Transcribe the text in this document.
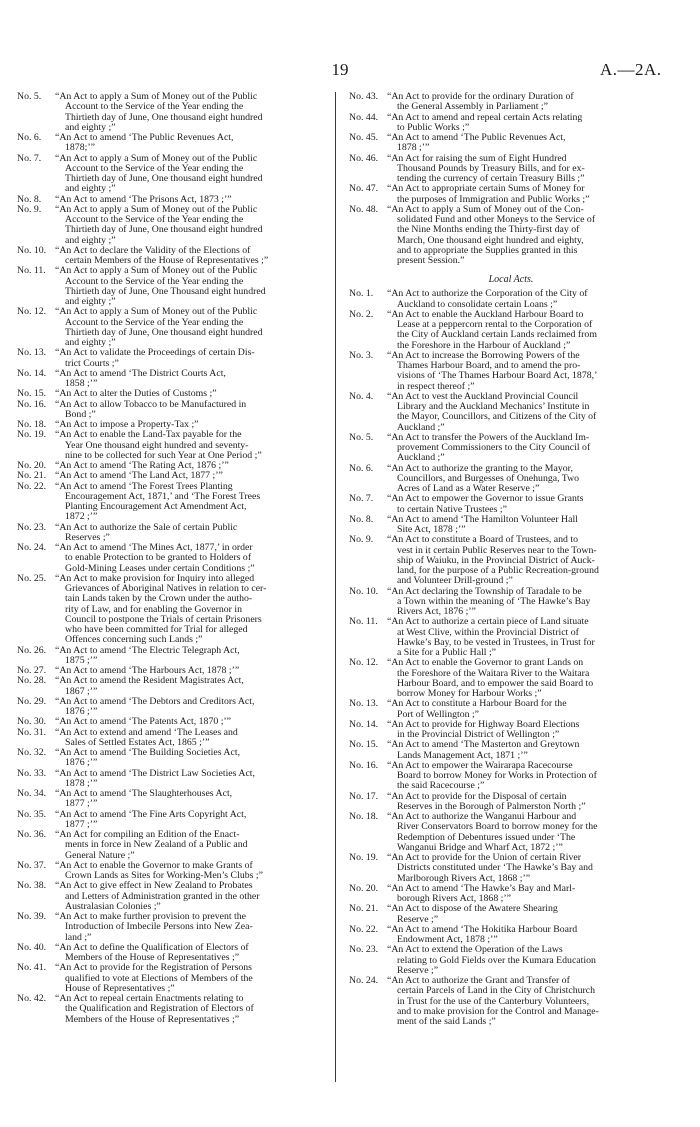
19	A.—2A.
No. 5.	“An Act to apply a Sum of Money out of the Public
Account to the Service of the Year ending the
Thirtieth day of June, One thousand eight hundred
and eighty ;”
No. 6.	“An Act to amend ‘The Public Revenues Act,
1878;’”
No. 7.	“An Act to apply a Sum of Money out of the Public
Account to the Service of the Year ending the
Thirtieth day of June, One thousand eight hundred
and eighty ;”
No. 8.	“An Act to amend ‘The Prisons Act, 1873 ;’”
No. 9.	“An Act to apply a Sum of Money out of the Public
Account to the Service of the Year ending the
Thirtieth day of June, One thousand eight hundred
and eighty ;”
No. 10. “An Act to declare the Validity of the Elections of
certain Members of the House of Representatives ;”
No. 11. “An Act to apply a Sum of Money out of the Public
Account to the Service of the Year ending the
Thirtieth day of June, One Thousand eight hundred
and eighty ;”
No. 12. “An Act to apply a Sum of Money out of the Public
Account to the Service of the Year ending the
Thirtieth day of June, One thousand eight hundred
and eighty ;”
No. 13. “An Act to validate the Proceedings of certain Dis-
trict Courts ;”
No. 14. “An Act to amend ‘The District Courts Act,
1858 ;’”
No. 15. “An Act to alter the Duties of Customs ;”
No. 16. “An Act to allow Tobacco to be Manufactured in
Bond ;”
No. 18. “An Act to impose a Property-Tax ;”
No. 19. “An Act to enable the Land-Tax payable for the
Year One thousand eight hundred and seventy-
nine to be collected for such Year at One Period ;”
No. 20. “An Act to amend ‘The Rating Act, 1876 ;’”
No. 21. “An Act to amend ‘The Land Act, 1877 ;’”
No. 22. “An Act to amend ‘The Forest Trees Planting
Encouragement Act, 1871,’ and ‘The Forest Trees
Planting Encouragement Act Amendment Act,
1872 ;’”
No. 23. “An Act to authorize the Sale of certain Public
Reserves ;”
No. 24. “An Act to amend ‘The Mines Act, 1877,’ in order
to enable Protection to be granted to Holders of
Gold-Mining Leases under certain Conditions ;”
No. 25. “An Act to make provision for Inquiry into alleged
Grievances of Aboriginal Natives in relation to cer-
tain Lands taken by the Crown under the autho-
rity of Law, and for enabling the Governor in
Council to postpone the Trials of certain Prisoners
who have been committed for Trial for alleged
Offences concerning such Lands ;”
No. 26. “An Act to amend ‘The Electric Telegraph Act,
1875 ;’”
No. 27. “An Act to amend ‘The Harbours Act, 1878 ;’”
No. 28. “An Act to amend the Resident Magistrates Act,
1867 ;’”
No. 29. “An Act to amend ‘The Debtors and Creditors Act,
1876 ;’”
No. 30. “An Act to amend ‘The Patents Act, 1870 ;’”
No. 31. “An Act to extend and amend ‘The Leases and
Sales of Settled Estates Act, 1865 ;’”
No. 32. “An Act to amend ‘The Building Societies Act,
1876 ;’”
No. 33. “An Act to amend ‘The District Law Societies Act,
1878 ;’”
No. 34. “An Act to amend ‘The Slaughterhouses Act,
1877 ;’”
No. 35. “An Act to amend ‘The Fine Arts Copyright Act,
1877 ;’”
No. 36. “An Act for compiling an Edition of the Enact-
ments in force in New Zealand of a Public and
General Nature ;”
No. 37. “An Act to enable the Governor to make Grants of
Crown Lands as Sites for Working-Men’s Clubs ;”
No. 38. “An Act to give effect in New Zealand to Probates
and Letters of Administration granted in the other
Australasian Colonies ;”
No. 39. “An Act to make further provision to prevent the
Introduction of Imbecile Persons into New Zea-
land ;”
No. 40. “An Act to define the Qualification of Electors of
Members of the House of Representatives ;”
No. 41. “An Act to provide for the Registration of Persons
qualified to vote at Elections of Members of the
House of Representatives ;”
No. 42. “An Act to repeal certain Enactments relating to
the Qualification and Registration of Electors of
Members of the House of Representatives ;”
No. 43. “An Act to provide for the ordinary Duration of
the General Assembly in Parliament ;”
No. 44. “An Act to amend and repeal certain Acts relating
to Public Works ;”
No. 45. “An Act to amend ‘The Public Revenues Act,
1878 ;’”
No. 46. “An Act for raising the sum of Eight Hundred
Thousand Pounds by Treasury Bills, and for ex-
tending the currency of certain Treasury Bills ;”
No. 47. “An Act to appropriate certain Sums of Money for
the purposes of Immigration and Public Works ;”
No. 48. “An Act to apply a Sum of Money out of the Con-
solidated Fund and other Moneys to the Service of
the Nine Months ending the Thirty-first day of
March, One thousand eight hundred and eighty,
and to appropriate the Supplies granted in this
present Session.”
Local Acts.
No. 1.	“An Act to authorize the Corporation of the City of
Auckland to consolidate certain Loans ;”
No. 2.	“An Act to enable the Auckland Harbour Board to
Lease at a peppercorn rental to the Corporation of
the City of Auckland certain Lands reclaimed from
the Foreshore in the Harbour of Auckland ;”
No. 3.	“An Act to increase the Borrowing Powers of the
Thames Harbour Board, and to amend the pro-
visions of ‘The Thames Harbour Board Act, 1878,’
in respect thereof ;”
No. 4.	“An Act to vest the Auckland Provincial Council
Library and the Auckland Mechanics’ Institute in
the Mayor, Councillors, and Citizens of the City of
Auckland ;”
No. 5.	“An Act to transfer the Powers of the Auckland Im-
provement Commissioners to the City Council of
Auckland ;”
No. 6.	“An Act to authorize the granting to the Mayor,
Councillors, and Burgesses of Onehunga, Two
Acres of Land as a Water Reserve ;”
No. 7.	“An Act to empower the Governor to issue Grants
to certain Native Trustees ;”
No. 8.	“An Act to amend ‘The Hamilton Volunteer Hall
Site Act, 1878 ;’”
No. 9.	“An Act to constitute a Board of Trustees, and to
vest in it certain Public Reserves near to the Town-
ship of Waiuku, in the Provincial District of Auck-
land, for the purpose of a Public Recreation-ground
and Volunteer Drill-ground ;”
No. 10. “An Act declaring the Township of Taradale to be
a Town within the meaning of ‘The Hawke’s Bay
Rivers Act, 1876 ;’”
No. 11. “An Act to authorize a certain piece of Land situate
at West Clive, within the Provincial District of
Hawke’s Bay, to be vested in Trustees, in Trust for
a Site for a Public Hall ;”
No. 12. “An Act to enable the Governor to grant Lands on
the Foreshore of the Waitara River to the Waitara
Harbour Board, and to empower the said Board to
borrow Money for Harbour Works ;”
No. 13. “An Act to constitute a Harbour Board for the
Port of Wellington ;”
No. 14. “An Act to provide for Highway Board Elections
in the Provincial District of Wellington ;”
No. 15. “An Act to amend ‘The Masterton and Greytown
Lands Management Act, 1871 ;’”
No. 16. “An Act to empower the Wairarapa Racecourse
Board to borrow Money for Works in Protection of
the said Racecourse ;”
No. 17. “An Act to provide for the Disposal of certain
Reserves in the Borough of Palmerston North ;”
No. 18. “An Act to authorize the Wanganui Harbour and
River Conservators Board to borrow money for the
Redemption of Debentures issued under ‘The
Wanganui Bridge and Wharf Act, 1872 ;’”
No. 19. “An Act to provide for the Union of certain River
Districts constituted under ‘The Hawke’s Bay and
Marlborough Rivers Act, 1868 ;’”
No. 20. “An Act to amend ‘The Hawke’s Bay and Marl-
borough Rivers Act, 1868 ;’”
No. 21. “An Act to dispose of the Awatere Shearing
Reserve ;”
No. 22. “An Act to amend ‘The Hokitika Harbour Board
Endowment Act, 1878 ;’”
No. 23. “An Act to extend the Operation of the Laws
relating to Gold Fields over the Kumara Education
Reserve ;”
No. 24. “An Act to authorize the Grant and Transfer of
certain Parcels of Land in the City of Christchurch
in Trust for the use of the Canterbury Volunteers,
and to make provision for the Control and Manage-
ment of the said Lands ;”
